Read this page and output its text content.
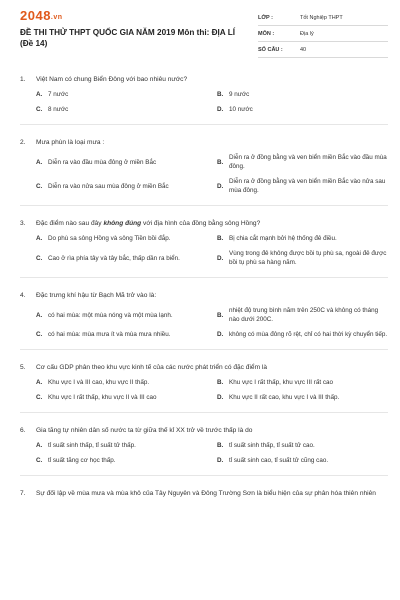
2048.vn
ĐỀ THI THỬ THPT QUỐC GIA NĂM 2019 Môn thi: ĐỊA LÍ (Đề 14)
LỚP :	Tốt Nghiệp THPT
MÔN :	Địa lý
SỐ CÂU :	40
1.	Việt Nam có chung Biển Đông với bao nhiêu nước?
A. 7 nước	B. 9 nước
C. 8 nước	D. 10 nước
2.	Mưa phùn là loại mưa :
A. Diễn ra vào đầu mùa đông ở miền Bắc	B.
Diễn ra ở đồng bằng và ven biển miền Bắc vào đầu mùa đông.
C. Diễn ra vào nửa sau mùa đông ở miền Bắc	D.
Diễn ra ở đồng bằng và ven biển miền Bắc vào nửa sau mùa đông.
3.	Đặc điểm nào sau đây không đúng với địa hình của đồng bằng sông Hồng?
A. Do phù sa sông Hồng và sông Tiền bồi đắp.	B. Bị chia cắt mạnh bởi hệ thống đê điều.
C. Cao ở rìa phía tây và tây bắc, thấp dần ra biển.	D.
Vùng trong đê không được bồi tụ phù sa, ngoài đê được bồi tụ phù sa hàng năm.
4.	Đặc trưng khí hậu từ Bạch Mã trở vào là:
A. có hai mùa: một mùa nóng và một mùa lạnh.	B.
nhiệt độ trung bình năm trên 250C và không có tháng nào dưới 200C.
C. có hai mùa: mùa mưa ít và mùa mưa nhiều.	D. không có mùa đông rõ rệt, chỉ có hai thời kỳ chuyển tiếp.
5.	Cơ cấu GDP phân theo khu vực kinh tế của các nước phát triển có đặc điểm là
A. Khu vực I và III cao, khu vực II thấp.	B. Khu vực I rất thấp, khu vực III rất cao
C. Khu vực I rất thấp, khu vực II và III cao	D. Khu vực II rất cao, khu vực I và III thấp.
6.	Gia tăng tự nhiên dân số nước ta từ giữa thế kỉ XX trở về trước thấp là do
A. tỉ suất sinh thấp, tỉ suất tử thấp.	B. tỉ suất sinh thấp, tỉ suất tử cao.
C. tỉ suất tăng cơ học thấp.	D. tỉ suất sinh cao, tỉ suất tử cũng cao.
7.	Sự đối lập về mùa mưa và mùa khô của Tây Nguyên và Đông Trường Sơn là biểu hiện của sự phân hóa thiên nhiên
